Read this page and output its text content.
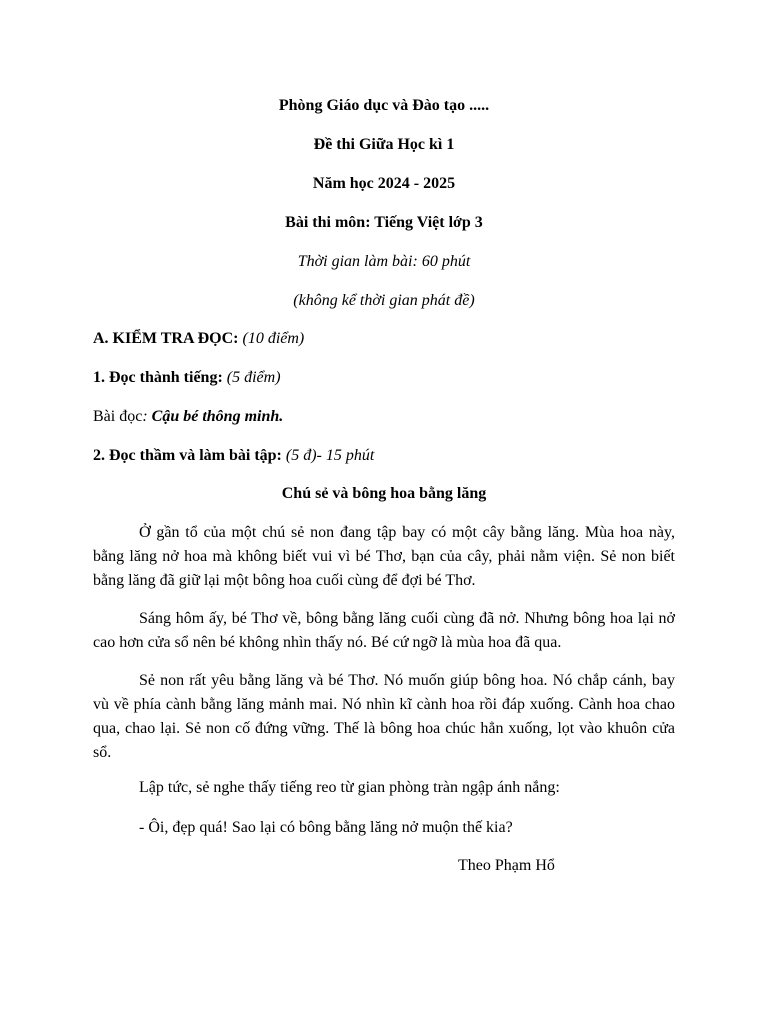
Phòng Giáo dục và Đào tạo .....

Đề thi Giữa Học kì 1

Năm học 2024 - 2025

Bài thi môn: Tiếng Việt lớp 3

Thời gian làm bài: 60 phút

(không kể thời gian phát đề)

A. KIỂM TRA ĐỌC: (10 điểm)

1. Đọc thành tiếng: (5 điểm)

Bài đọc: Cậu bé thông minh.

2. Đọc thầm và làm bài tập: (5 đ)- 15 phút

Chú sẻ và bông hoa bằng lăng

Ở gần tổ của một chú sẻ non đang tập bay có một cây bằng lăng. Mùa hoa này, bằng lăng nở hoa mà không biết vui vì bé Thơ, bạn của cây, phải nằm viện. Sẻ non biết bằng lăng đã giữ lại một bông hoa cuối cùng để đợi bé Thơ.

Sáng hôm ấy, bé Thơ về, bông bằng lăng cuối cùng đã nở. Nhưng bông hoa lại nở cao hơn cửa sổ nên bé không nhìn thấy nó. Bé cứ ngỡ là mùa hoa đã qua.

Sẻ non rất yêu bằng lăng và bé Thơ. Nó muốn giúp bông hoa. Nó chắp cánh, bay vù về phía cành bằng lăng mảnh mai. Nó nhìn kĩ cành hoa rồi đáp xuống. Cành hoa chao qua, chao lại. Sẻ non cố đứng vững. Thế là bông hoa chúc hẳn xuống, lọt vào khuôn cửa sổ.

Lập tức, sẻ nghe thấy tiếng reo từ gian phòng tràn ngập ánh nắng:

- Ôi, đẹp quá! Sao lại có bông bằng lăng nở muộn thế kia?

Theo Phạm Hổ
